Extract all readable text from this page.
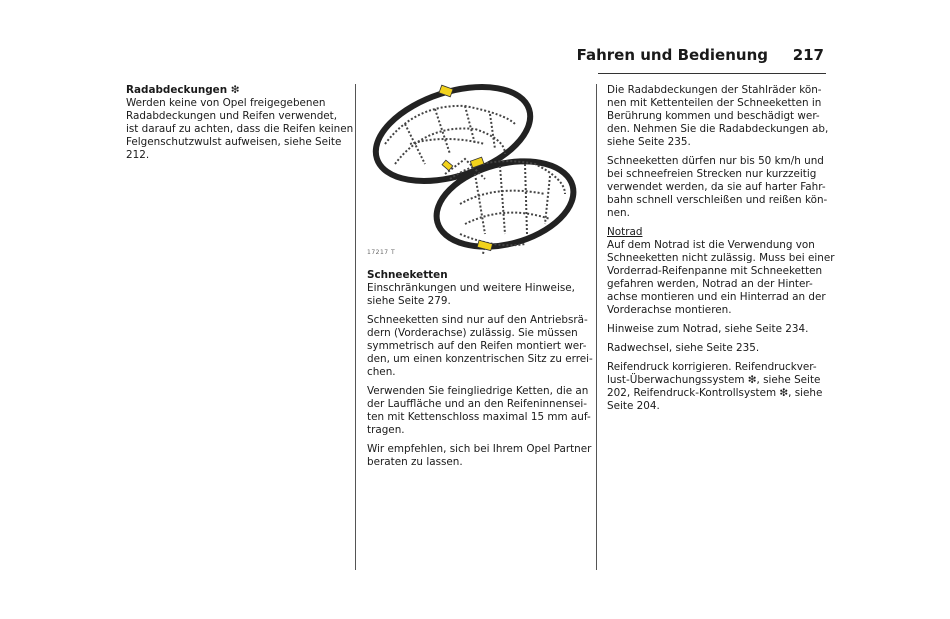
Fahren und Bedienung 217
Radabdeckungen ❇
Werden keine von Opel freigegebenen
Radabdeckungen und Reifen verwendet,
ist darauf zu achten, dass die Reifen keinen
Felgenschutzwulst aufweisen, siehe Seite
212.
17217 T
Schneeketten

Einschränkungen und weitere Hinweise,
siehe Seite 279.

Schneeketten sind nur auf den Antriebsrä-
dern (Vorderachse) zulässig. Sie müssen
symmetrisch auf den Reifen montiert wer-
den, um einen konzentrischen Sitz zu errei-
chen.

Verwenden Sie feingliedrige Ketten, die an
der Lauffläche und an den Reifeninnensei-
ten mit Kettenschloss maximal 15 mm auf-
tragen.

Wir empfehlen, sich bei Ihrem Opel Partner
beraten zu lassen.

Die Radabdeckungen der Stahlräder kön-
nen mit Kettenteilen der Schneeketten in
Berührung kommen und beschädigt wer-
den. Nehmen Sie die Radabdeckungen ab,
siehe Seite 235.

Schneeketten dürfen nur bis 50 km/h und
bei schneefreien Strecken nur kurzzeitig
verwendet werden, da sie auf harter Fahr-
bahn schnell verschleißen und reißen kön-
nen.

Notrad

Auf dem Notrad ist die Verwendung von
Schneeketten nicht zulässig. Muss bei einer
Vorderrad-Reifenpanne mit Schneeketten
gefahren werden, Notrad an der Hinter-
achse montieren und ein Hinterrad an der
Vorderachse montieren.

Hinweise zum Notrad, siehe Seite 234.

Radwechsel, siehe Seite 235.

Reifendruck korrigieren. Reifendruckver-
lust-Überwachungssystem ❇, siehe Seite
202, Reifendruck-Kontrollsystem ❇, siehe
Seite 204.
